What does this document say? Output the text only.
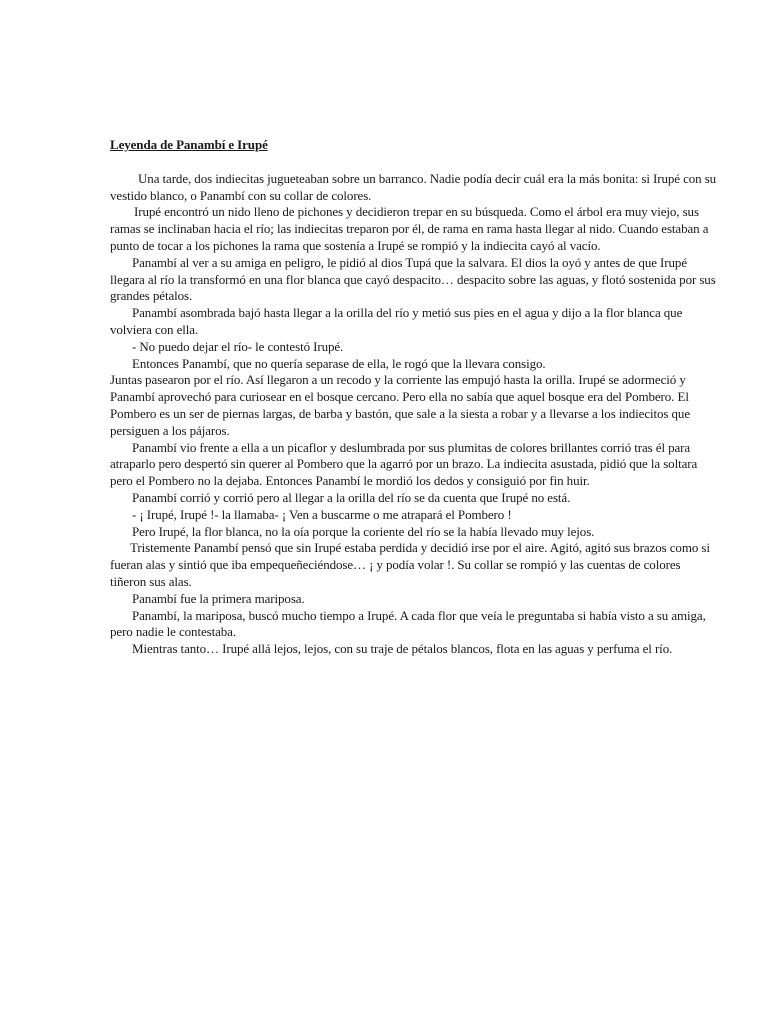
Leyenda de Panambí e Irupé

Una tarde, dos indiecitas jugueteaban sobre un barranco. Nadie podía decir cuál era la más bonita: si Irupé con su vestido blanco, o Panambí con su collar de colores.

Irupé encontró un nido lleno de pichones y decidieron trepar en su búsqueda. Como el árbol era muy viejo, sus ramas se inclinaban hacia el río; las indiecitas treparon por él, de rama en rama hasta llegar al nido. Cuando estaban a punto de tocar a los pichones la rama que sostenía a Irupé se rompió y la indiecita cayó al vacío.

Panambí al ver a su amiga en peligro, le pidió al dios Tupá que la salvara. El dios la oyó y antes de que Irupé llegara al río la transformó en una flor blanca que cayó despacito… despacito sobre las aguas, y flotó sostenida por sus grandes pétalos.

Panambí asombrada bajó hasta llegar a la orilla del río y metió sus pies en el agua y dijo a la flor blanca que volviera con ella.

- No puedo dejar el río- le contestó Irupé.

Entonces Panambí, que no quería separase de ella, le rogó que la llevara consigo.

Juntas pasearon por el río. Así llegaron a un recodo y la corriente las empujó hasta la orilla. Irupé se adormeció y Panambí aprovechó para curiosear en el bosque cercano. Pero ella no sabía que aquel bosque era del Pombero. El Pombero es un ser de piernas largas, de barba y bastón, que sale a la siesta a robar y a llevarse a los indiecitos que persiguen a los pájaros.

Panambí vio frente a ella a un picaflor y deslumbrada por sus plumitas de colores brillantes corrió tras él para atraparlo pero despertó sin querer al Pombero que la agarró por un brazo. La indiecita asustada, pidió que la soltara pero el Pombero no la dejaba. Entonces Panambí le mordió los dedos y consiguió por fin huir.

Panambí corrió y corrió pero al llegar a la orilla del río se da cuenta que Irupé no está.

- ¡ Irupé, Irupé !- la llamaba- ¡ Ven a buscarme o me atrapará el Pombero !

Pero Irupé, la flor blanca, no la oía porque la coriente del río se la había llevado muy lejos.

Tristemente Panambí pensó que sin Irupé estaba perdida y decidió irse por el aire. Agitó, agitó sus brazos como si fueran alas y sintió que iba empequeñeciéndose… ¡ y podía volar !. Su collar se rompió y las cuentas de colores tiñeron sus alas.

Panambí fue la primera mariposa.

Panambí, la mariposa, buscó mucho tiempo a Irupé. A cada flor que veía le preguntaba si había visto a su amiga, pero nadie le contestaba.

Mientras tanto… Irupé allá lejos, lejos, con su traje de pétalos blancos, flota en las aguas y perfuma el río.
